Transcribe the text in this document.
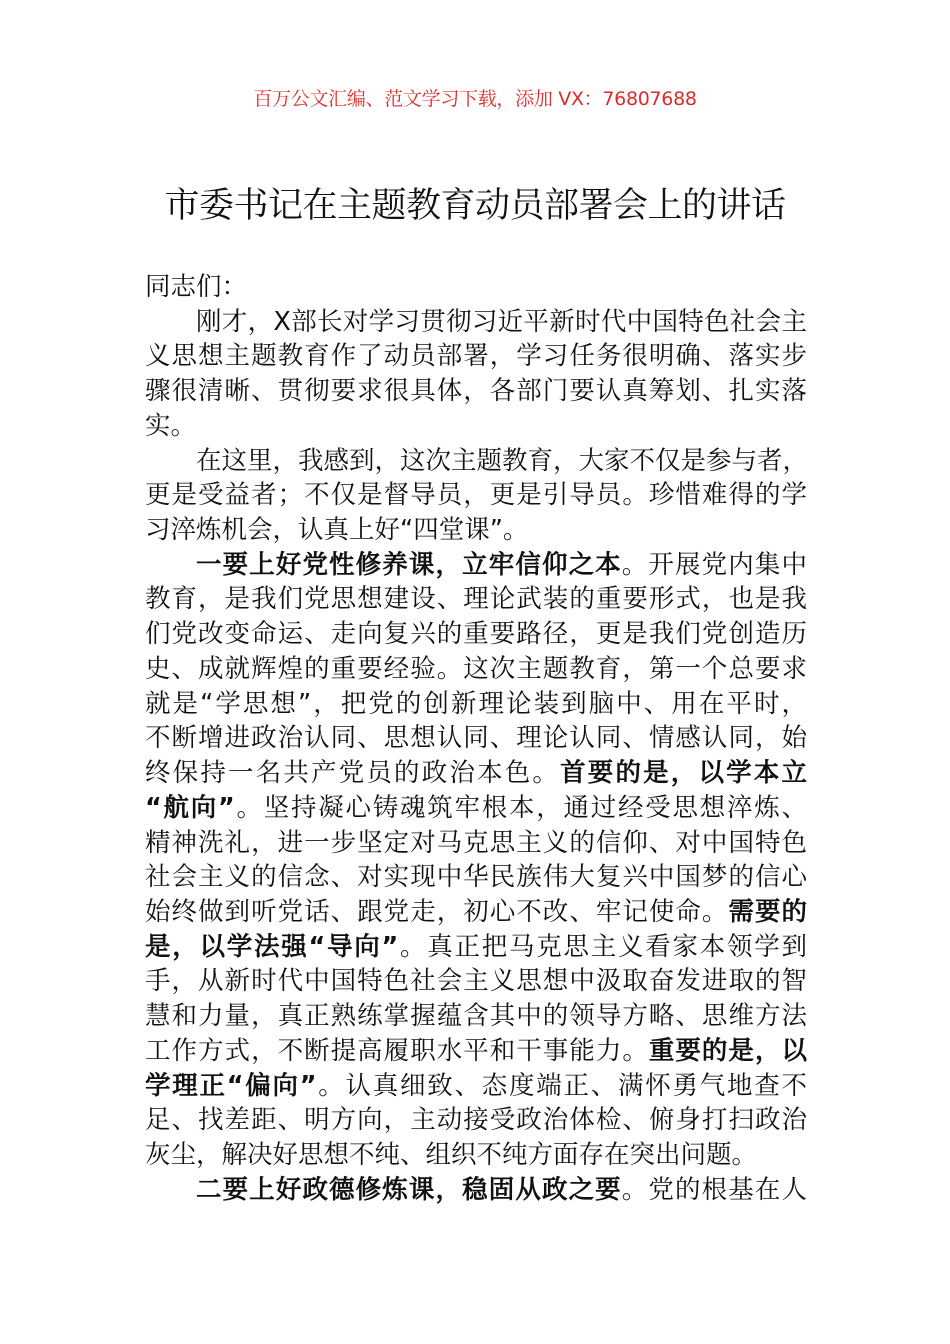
百万公文汇编、范文学习下载，添加 VX：76807688
市委书记在主题教育动员部署会上的讲话
同志们：
刚才，X部长对学习贯彻习近平新时代中国特色社会主
义思想主题教育作了动员部署，学习任务很明确、落实步
骤很清晰、贯彻要求很具体，各部门要认真筹划、扎实落
实。
在这里，我感到，这次主题教育，大家不仅是参与者，
更是受益者；不仅是督导员，更是引导员。珍惜难得的学
习淬炼机会，认真上好“四堂课”。
一要上好党性修养课，立牢信仰之本。开展党内集中
教育，是我们党思想建设、理论武装的重要形式，也是我
们党改变命运、走向复兴的重要路径，更是我们党创造历
史、成就辉煌的重要经验。这次主题教育，第一个总要求
就是“学思想”，把党的创新理论装到脑中、用在平时，
不断增进政治认同、思想认同、理论认同、情感认同，始
终保持一名共产党员的政治本色。首要的是，以学本立
“航向”。坚持凝心铸魂筑牢根本，通过经受思想淬炼、
精神洗礼，进一步坚定对马克思主义的信仰、对中国特色
社会主义的信念、对实现中华民族伟大复兴中国梦的信心
始终做到听党话、跟党走，初心不改、牢记使命。需要的
是，以学法强“导向”。真正把马克思主义看家本领学到
手，从新时代中国特色社会主义思想中汲取奋发进取的智
慧和力量，真正熟练掌握蕴含其中的领导方略、思维方法
工作方式，不断提高履职水平和干事能力。重要的是，以
学理正“偏向”。认真细致、态度端正、满怀勇气地查不
足、找差距、明方向，主动接受政治体检、俯身打扫政治
灰尘，解决好思想不纯、组织不纯方面存在突出问题。
二要上好政德修炼课，稳固从政之要。党的根基在人
